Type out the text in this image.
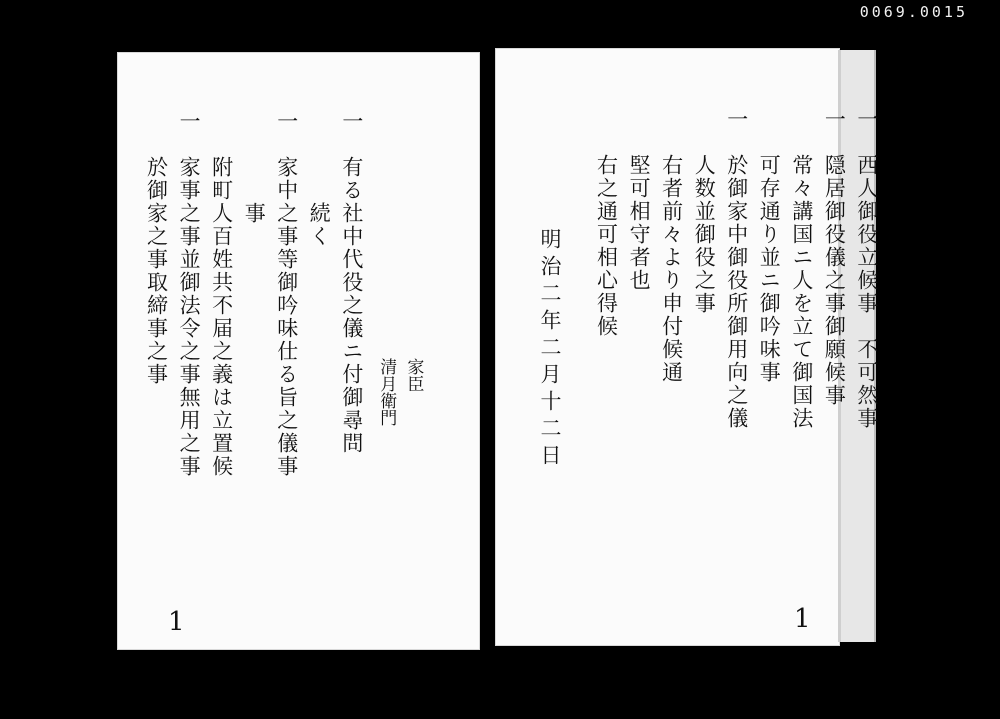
0069.0015
一　有る社中代役之儀ニ付御尋問
　　　　続く
一　家中之事等御吟味仕る旨之儀事
　　　　事
　　附町人百姓共不届之義は立置候
一　家事之事並御法令之事無用之事
　　於御家之事取締事之事	家臣
清月衛門
1
一　西人御役立候事　不可然事
一　隠居御役儀之事御願候事
　　常々講国ニ人を立て御国法
　　可存通り並ニ御吟味事
一　於御家中御役所御用向之儀
　　人数並御役之事
　　右者前々より申付候通
　　堅可相守者也
　　右之通可相心得候
明治二年二月十二日
1
